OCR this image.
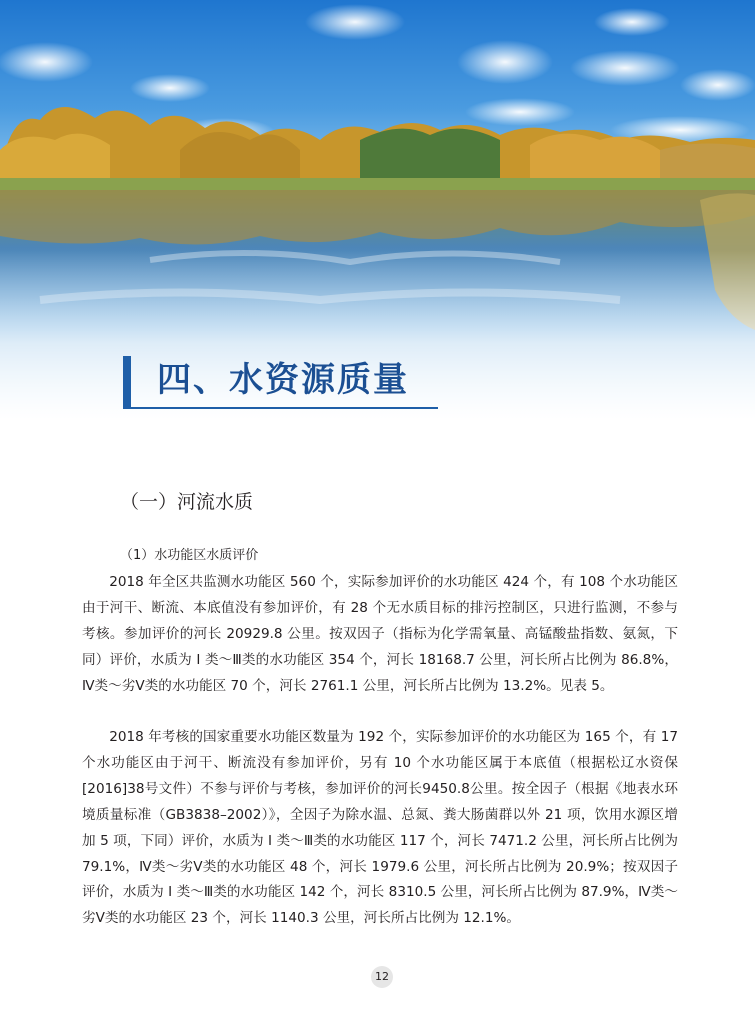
四、水资源质量
（一）河流水质
（1）水功能区水质评价

2018 年全区共监测水功能区 560 个，实际参加评价的水功能区 424 个，有 108 个水功能区由于河干、断流、本底值没有参加评价，有 28 个无水质目标的排污控制区，只进行监测，不参与考核。参加评价的河长 20929.8 公里。按双因子（指标为化学需氧量、高锰酸盐指数、氨氮，下同）评价，水质为 Ⅰ 类～Ⅲ类的水功能区 354 个，河长 18168.7 公里，河长所占比例为 86.8%，Ⅳ类～劣Ⅴ类的水功能区 70 个，河长 2761.1 公里，河长所占比例为 13.2%。见表 5。

2018 年考核的国家重要水功能区数量为 192 个，实际参加评价的水功能区为 165 个，有 17 个水功能区由于河干、断流没有参加评价，另有 10 个水功能区属于本底值（根据松辽水资保[2016]38号文件）不参与评价与考核，参加评价的河长9450.8公里。按全因子（根据《地表水环境质量标准（GB3838–2002）》，全因子为除水温、总氮、粪大肠菌群以外 21 项，饮用水源区增加 5 项，下同）评价，水质为 Ⅰ 类～Ⅲ类的水功能区 117 个，河长 7471.2 公里，河长所占比例为 79.1%，Ⅳ类～劣Ⅴ类的水功能区 48 个，河长 1979.6 公里，河长所占比例为 20.9%；按双因子评价，水质为 Ⅰ 类～Ⅲ类的水功能区 142 个，河长 8310.5 公里，河长所占比例为 87.9%，Ⅳ类～劣Ⅴ类的水功能区 23 个，河长 1140.3 公里，河长所占比例为 12.1%。

12
